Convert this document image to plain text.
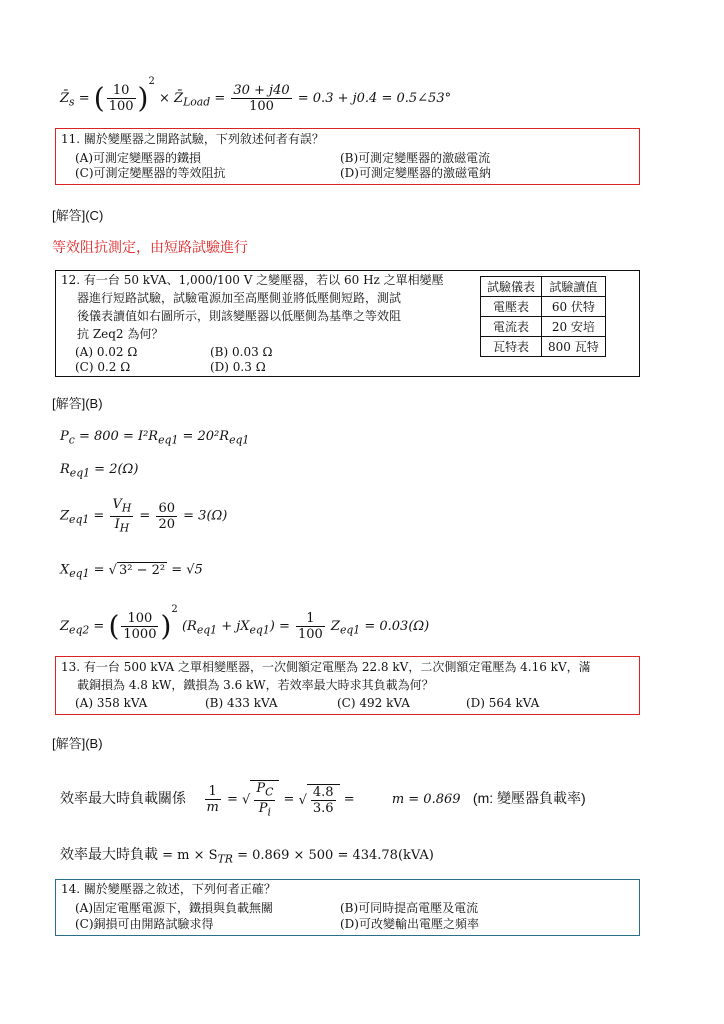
$Z̄_s$ = ( $\frac{10}{100} )^2$ × $Z̄_{Load} = \frac{30 + j40}{100} = 0.3 + j0.4$ = 0.5∠53°
11. 關於變壓器之開路試驗，下列敘述何者有誤？
(A)可測定變壓器的鐵損	(B)可測定變壓器的激磁電流
(C)可測定變壓器的等效阻抗	(D)可測定變壓器的激磁電納
[解答](C)
等效阻抗測定，由短路試驗進行
12. 有一台 50 kVA、1,000/100 V 之變壓器，若以 60 Hz 之單相變壓
器進行短路試驗，試驗電源加至高壓側並將低壓側短路，測試
後儀表讀值如右圖所示，則該變壓器以低壓側為基準之等效阻
抗 Zeq2 為何？
(A) 0.02 Ω	(B) 0.03 Ω
(C) 0.2 Ω	(D) 0.3 Ω
試驗儀表	試驗讀值
電壓表	60 伏特
電流表	20 安培
瓦特表	800 瓦特
[解答](B)
$P_c = 800 = I^2R_{eq1} = 20^2R_{eq1}$
$R_{eq1} = 2(\Omega)$
$Z_{eq1} = \frac{V_H}{I_H} = \frac{60}{20} = 3(\Omega)$
$X_{eq1}$ = √ 3² − 2² = √5
$Z_{eq2}$ = ( $\frac{100}{1000} )^2$ $(R_{eq1} + jX_{eq1}) = \frac{1}{100} Z_{eq1} = 0.03(\Omega)$
13. 有一台 500 kVA 之單相變壓器，一次側額定電壓為 22.8 kV，二次側額定電壓為 4.16 kV，滿
載銅損為 4.8 kW，鐵損為 3.6 kW，若效率最大時求其負載為何？
(A) 358 kVA	(B) 433 kVA	(C) 492 kVA	(D) 564 kVA
[解答](B)
效率最大時負載關係 $\frac{1}{m}$ = √ $\frac{P_C}{P_i}$ = √ $\frac{4.8}{3.6}$ =	m = 0.869 (m: 變壓器負載率)
效率最大時負載 = $m \times S_{TR} = 0.869 \times 500 = 434.78(kVA)$
14. 關於變壓器之敘述，下列何者正確？
(A)固定電壓電源下，鐵損與負載無關	(B)可同時提高電壓及電流
(C)銅損可由開路試驗求得	(D)可改變輸出電壓之頻率
